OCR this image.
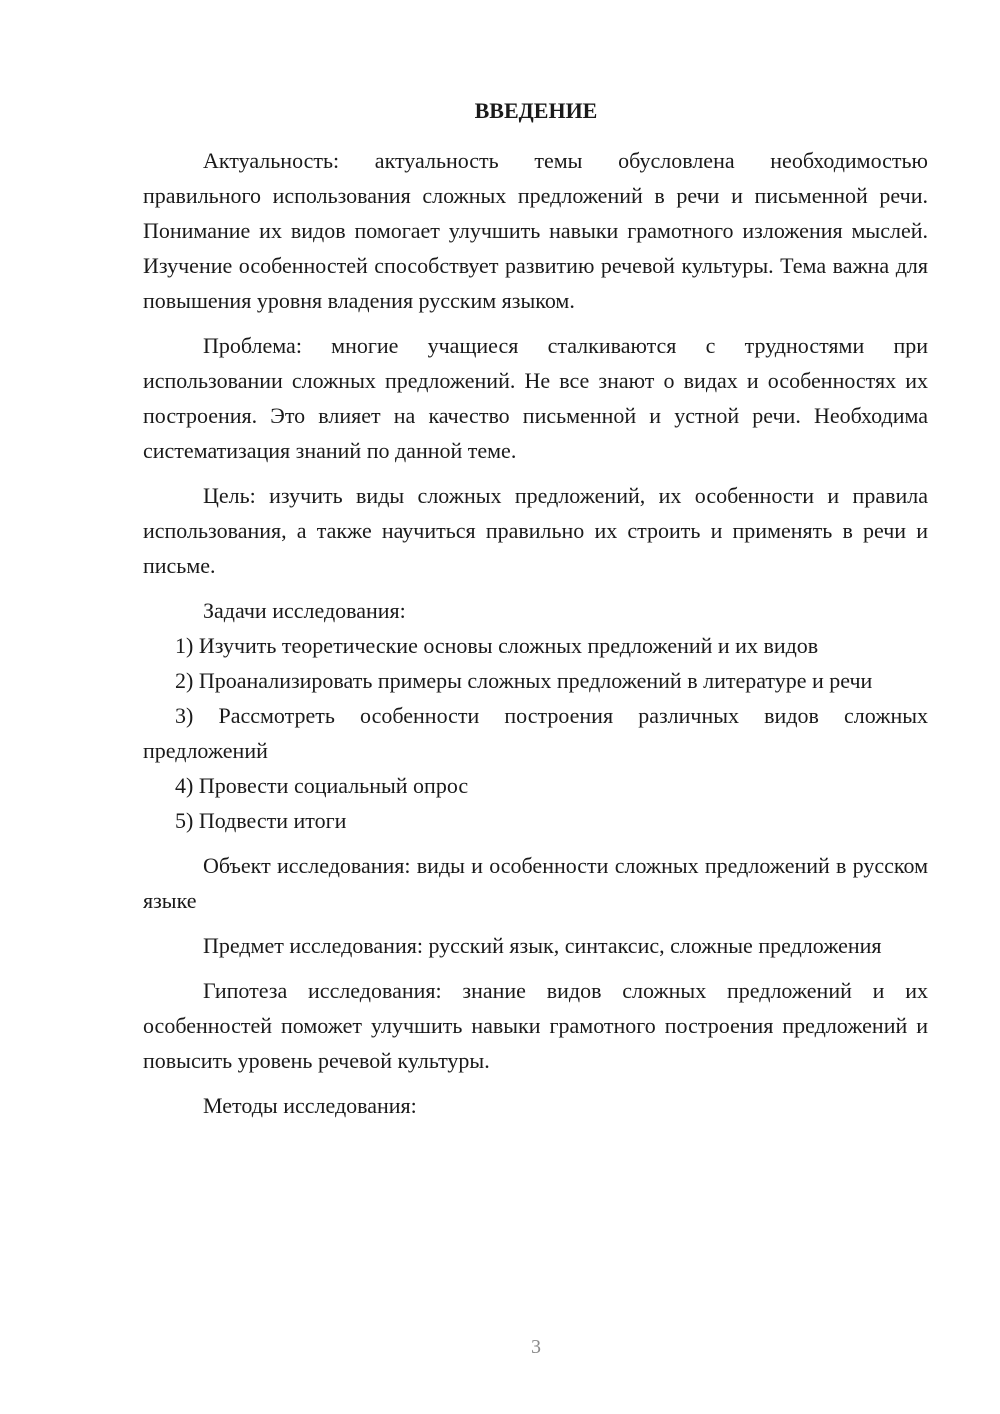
ВВЕДЕНИЕ

Актуальность: актуальность темы обусловлена необходимостью правильного использования сложных предложений в речи и письменной речи. Понимание их видов помогает улучшить навыки грамотного изложения мыслей. Изучение особенностей способствует развитию речевой культуры. Тема важна для повышения уровня владения русским языком.

Проблема: многие учащиеся сталкиваются с трудностями при использовании сложных предложений. Не все знают о видах и особенностях их построения. Это влияет на качество письменной и устной речи. Необходима систематизация знаний по данной теме.

Цель: изучить виды сложных предложений, их особенности и правила использования, а также научиться правильно их строить и применять в речи и письме.

Задачи исследования:

1) Изучить теоретические основы сложных предложений и их видов

2) Проанализировать примеры сложных предложений в литературе и речи

3) Рассмотреть особенности построения различных видов сложных предложений

4) Провести социальный опрос

5) Подвести итоги

Объект исследования: виды и особенности сложных предложений в русском языке

Предмет исследования: русский язык, синтаксис, сложные предложения

Гипотеза исследования: знание видов сложных предложений и их особенностей поможет улучшить навыки грамотного построения предложений и повысить уровень речевой культуры.

Методы исследования:

3
